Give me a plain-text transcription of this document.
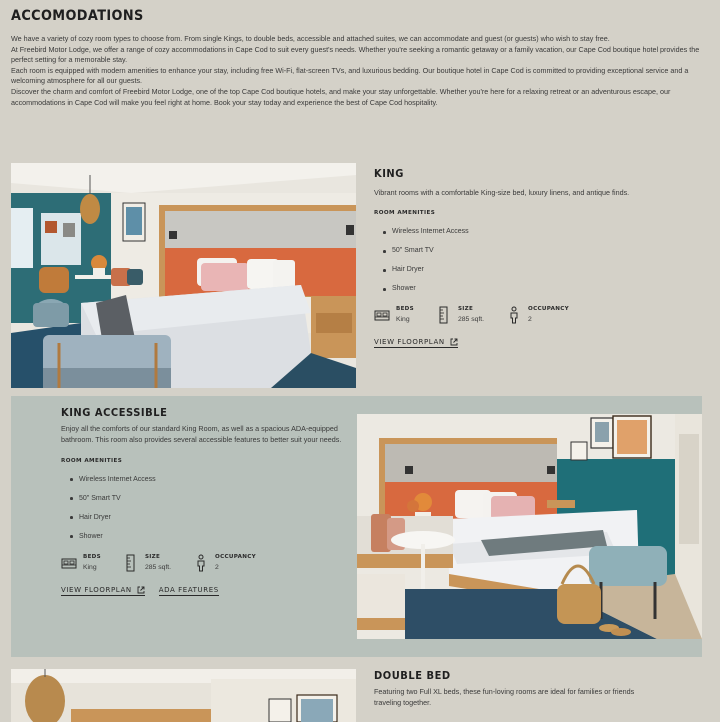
ACCOMODATIONS

We have a variety of cozy room types to choose from. From single Kings, to double beds, accessible and attached suites, we can accommodate and guest (or guests) who wish to stay free.

At Freebird Motor Lodge, we offer a range of cozy accommodations in Cape Cod to suit every guest's needs. Whether you're seeking a romantic getaway or a family vacation, our Cape Cod boutique hotel provides the perfect setting for a memorable stay.

Each room is equipped with modern amenities to enhance your stay, including free Wi-Fi, flat-screen TVs, and luxurious bedding. Our boutique hotel in Cape Cod is committed to providing exceptional service and a welcoming atmosphere for all our guests.

Discover the charm and comfort of Freebird Motor Lodge, one of the top Cape Cod boutique hotels, and make your stay unforgettable. Whether you're here for a relaxing retreat or an adventurous escape, our accommodations in Cape Cod will make you feel right at home. Book your stay today and experience the best of Cape Cod hospitality.

KING
Vibrant rooms with a comfortable King-size bed, luxury linens, and antique finds.
ROOM AMENITIES
Wireless Internet Access
50" Smart TV
Hair Dryer
Shower
BEDS
King
SIZE
285 sqft.
OCCUPANCY
2
VIEW FLOORPLAN
KING ACCESSIBLE
Enjoy all the comforts of our standard King Room, as well as a spacious ADA-equipped bathroom. This room also provides several accessible features to better suit your needs.
ROOM AMENITIES
Wireless Internet Access
50" Smart TV
Hair Dryer
Shower
BEDS
King
SIZE
285 sqft.
OCCUPANCY
2
VIEW FLOORPLAN	ADA FEATURES
DOUBLE BED
Featuring two Full XL beds, these fun-loving rooms are ideal for families or friends traveling together.
